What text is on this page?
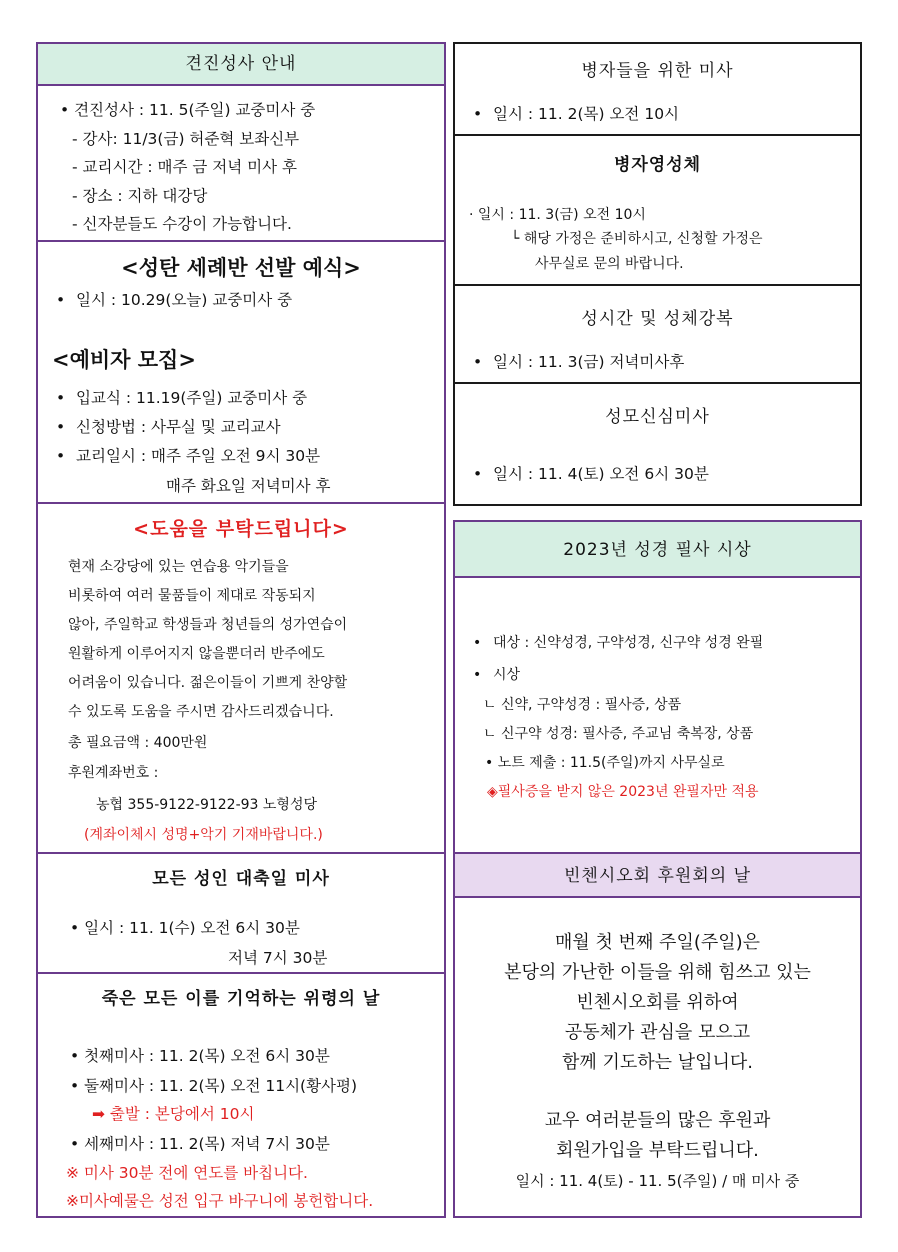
견진성사 안내
• 견진성사 : 11. 5(주일) 교중미사 중
- 강사: 11/3(금) 허준혁 보좌신부
- 교리시간 : 매주 금 저녁 미사 후
- 장소 : 지하 대강당
- 신자분들도 수강이 가능합니다.
<성탄 세례반 선발 예식>
• 일시 : 10.29(오늘) 교중미사 중
<예비자 모집>
• 입교식 : 11.19(주일) 교중미사 중
• 신청방법 : 사무실 및 교리교사
• 교리일시 : 매주 주일 오전 9시 30분
매주 화요일 저녁미사 후
<도움을 부탁드립니다>
현재 소강당에 있는 연습용 악기들을
비롯하여 여러 물품들이 제대로 작동되지
않아, 주일학교 학생들과 청년들의 성가연습이
원활하게 이루어지지 않을뿐더러 반주에도
어려움이 있습니다. 젊은이들이 기쁘게 찬양할
수 있도록 도움을 주시면 감사드리겠습니다.
총 필요금액 : 400만원
후원계좌번호 :
농협 355-9122-9122-93 노형성당
(계좌이체시 성명+악기 기재바랍니다.)
모든 성인 대축일 미사
• 일시 : 11. 1(수) 오전 6시 30분
저녁 7시 30분
죽은 모든 이를 기억하는 위령의 날
• 첫째미사 : 11. 2(목) 오전 6시 30분
• 둘째미사 : 11. 2(목) 오전 11시(황사평)
➡ 출발 : 본당에서 10시
• 세째미사 : 11. 2(목) 저녁 7시 30분
※ 미사 30분 전에 연도를 바칩니다.
※미사예물은 성전 입구 바구니에 봉헌합니다.
병자들을 위한 미사
• 일시 : 11. 2(목) 오전 10시
병자영성체
· 일시 : 11. 3(금) 오전 10시
└ 해당 가정은 준비하시고, 신청할 가정은
사무실로 문의 바랍니다.
성시간 및 성체강복
• 일시 : 11. 3(금) 저녁미사후
성모신심미사
• 일시 : 11. 4(토) 오전 6시 30분
2023년 성경 필사 시상
• 대상 : 신약성경, 구약성경, 신구약 성경 완필
• 시상
ㄴ 신약, 구약성경 : 필사증, 상품
ㄴ 신구약 성경: 필사증, 주교님 축복장, 상품
• 노트 제출 : 11.5(주일)까지 사무실로
◈필사증을 받지 않은 2023년 완필자만 적용
빈첸시오회 후원회의 날
매월 첫 번째 주일(주일)은
본당의 가난한 이들을 위해 힘쓰고 있는
빈첸시오회를 위하여
공동체가 관심을 모으고
함께 기도하는 날입니다.
교우 여러분들의 많은 후원과
회원가입을 부탁드립니다.
일시 : 11. 4(토) - 11. 5(주일) / 매 미사 중
